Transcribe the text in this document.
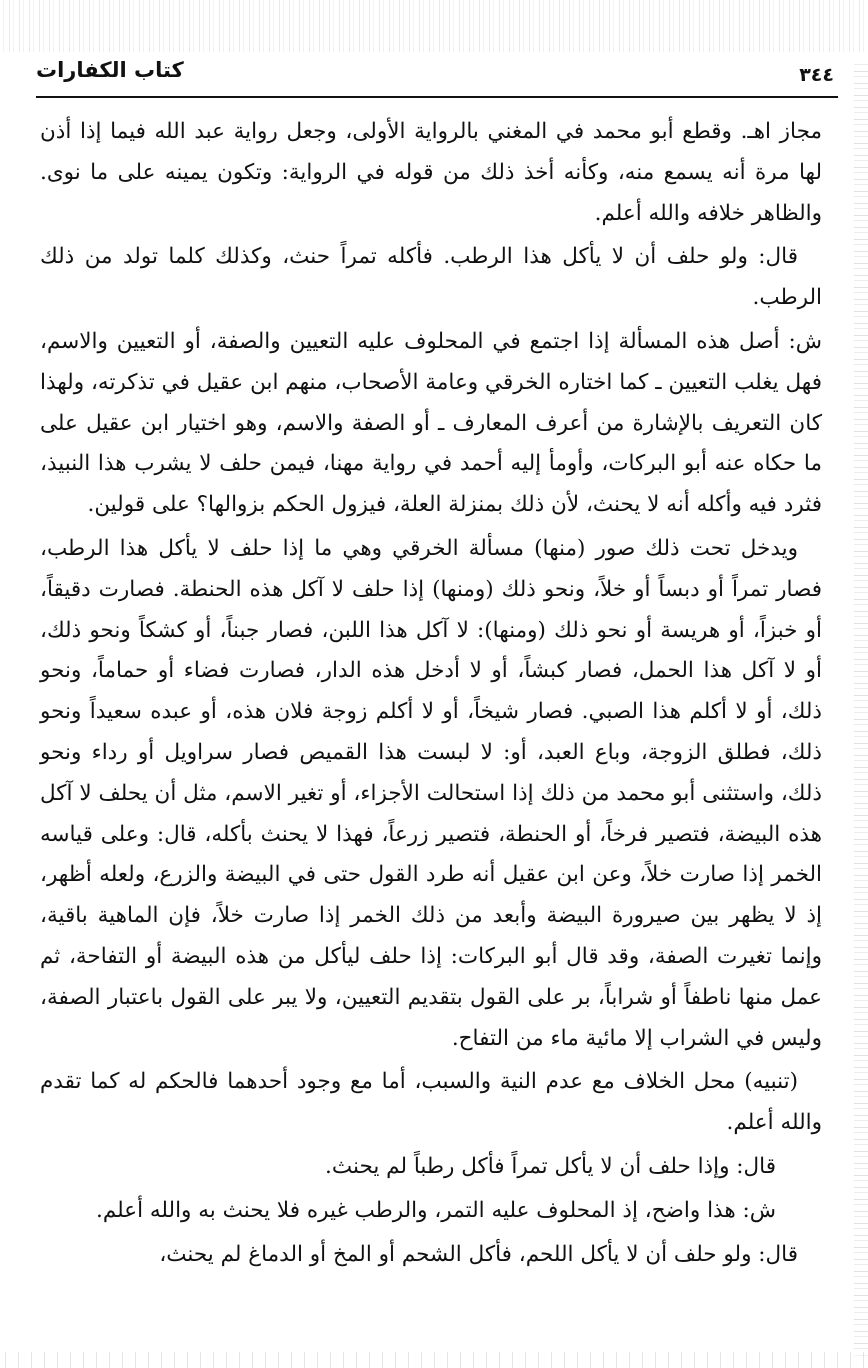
كتاب الكفارات	٣٤٤

مجاز اهـ. وقطع أبو محمد في المغني بالرواية الأولى، وجعل رواية عبد الله فيما إذا أذن لها مرة أنه يسمع منه، وكأنه أخذ ذلك من قوله في الرواية: وتكون يمينه على ما نوى. والظاهر خلافه والله أعلم.

قال: ولو حلف أن لا يأكل هذا الرطب. فأكله تمراً حنث، وكذلك كلما تولد من ذلك الرطب.

ش: أصل هذه المسألة إذا اجتمع في المحلوف عليه التعيين والصفة، أو التعيين والاسم، فهل يغلب التعيين ـ كما اختاره الخرقي وعامة الأصحاب، منهم ابن عقيل في تذكرته، ولهذا كان التعريف بالإشارة من أعرف المعارف ـ أو الصفة والاسم، وهو اختيار ابن عقيل على ما حكاه عنه أبو البركات، وأومأ إليه أحمد في رواية مهنا، فيمن حلف لا يشرب هذا النبيذ، فثرد فيه وأكله أنه لا يحنث، لأن ذلك بمنزلة العلة، فيزول الحكم بزوالها؟ على قولين.

ويدخل تحت ذلك صور (منها) مسألة الخرقي وهي ما إذا حلف لا يأكل هذا الرطب، فصار تمراً أو دبساً أو خلاً، ونحو ذلك (ومنها) إذا حلف لا آكل هذه الحنطة. فصارت دقيقاً، أو خبزاً، أو هريسة أو نحو ذلك (ومنها): لا آكل هذا اللبن، فصار جبناً، أو كشكاً ونحو ذلك، أو لا آكل هذا الحمل، فصار كبشاً، أو لا أدخل هذه الدار، فصارت فضاء أو حماماً، ونحو ذلك، أو لا أكلم هذا الصبي. فصار شيخاً، أو لا أكلم زوجة فلان هذه، أو عبده سعيداً ونحو ذلك، فطلق الزوجة، وباع العبد، أو: لا لبست هذا القميص فصار سراويل أو رداء ونحو ذلك، واستثنى أبو محمد من ذلك إذا استحالت الأجزاء، أو تغير الاسم، مثل أن يحلف لا آكل هذه البيضة، فتصير فرخاً، أو الحنطة، فتصير زرعاً، فهذا لا يحنث بأكله، قال: وعلى قياسه الخمر إذا صارت خلاً، وعن ابن عقيل أنه طرد القول حتى في البيضة والزرع، ولعله أظهر، إذ لا يظهر بين صيرورة البيضة وأبعد من ذلك الخمر إذا صارت خلاً، فإن الماهية باقية، وإنما تغيرت الصفة، وقد قال أبو البركات: إذا حلف ليأكل من هذه البيضة أو التفاحة، ثم عمل منها ناطفاً أو شراباً، بر على القول بتقديم التعيين، ولا يبر على القول باعتبار الصفة، وليس في الشراب إلا مائية ماء من التفاح.

(تنبيه) محل الخلاف مع عدم النية والسبب، أما مع وجود أحدهما فالحكم له كما تقدم والله أعلم.

قال: وإذا حلف أن لا يأكل تمراً فأكل رطباً لم يحنث.

ش: هذا واضح، إذ المحلوف عليه التمر، والرطب غيره فلا يحنث به والله أعلم.

قال: ولو حلف أن لا يأكل اللحم، فأكل الشحم أو المخ أو الدماغ لم يحنث،
